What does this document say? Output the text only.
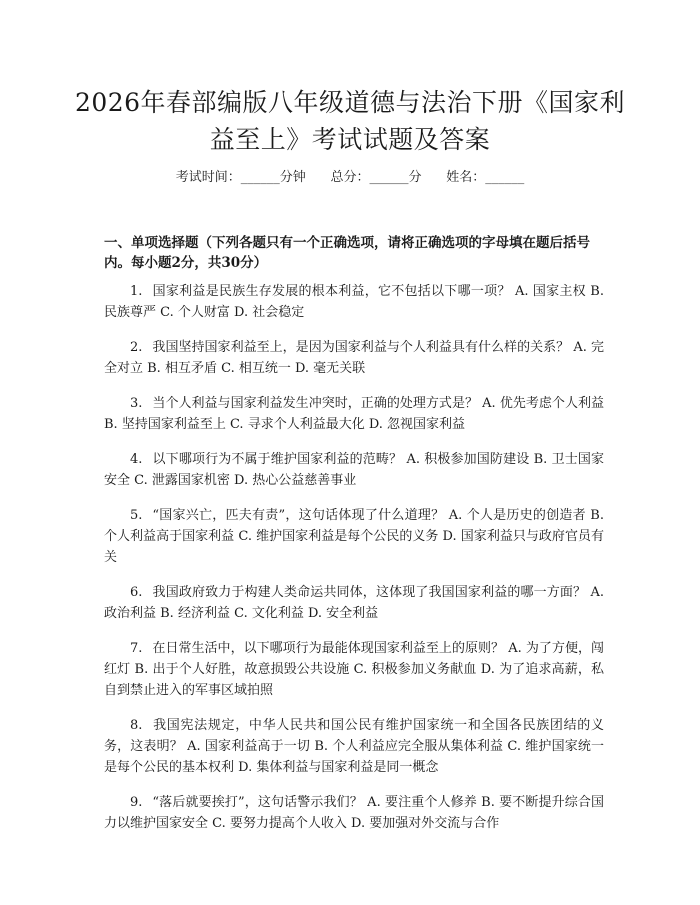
2026年春部编版八年级道德与法治下册《国家利益至上》考试试题及答案
考试时间：______分钟      总分：______分      姓名：______
一、单项选择题（下列各题只有一个正确选项，请将正确选项的字母填在题后括号内。每小题2分，共30分）

1. 国家利益是民族生存发展的根本利益，它不包括以下哪一项？ A. 国家主权 B. 民族尊严 C. 个人财富 D. 社会稳定

2. 我国坚持国家利益至上，是因为国家利益与个人利益具有什么样的关系？ A. 完全对立 B. 相互矛盾 C. 相互统一 D. 毫无关联

3. 当个人利益与国家利益发生冲突时，正确的处理方式是？ A. 优先考虑个人利益 B. 坚持国家利益至上 C. 寻求个人利益最大化 D. 忽视国家利益

4. 以下哪项行为不属于维护国家利益的范畴？ A. 积极参加国防建设 B. 卫士国家安全 C. 泄露国家机密 D. 热心公益慈善事业

5. “国家兴亡，匹夫有责”，这句话体现了什么道理？ A. 个人是历史的创造者 B. 个人利益高于国家利益 C. 维护国家利益是每个公民的义务 D. 国家利益只与政府官员有关

6. 我国政府致力于构建人类命运共同体，这体现了我国国家利益的哪一方面？ A. 政治利益 B. 经济利益 C. 文化利益 D. 安全利益

7. 在日常生活中，以下哪项行为最能体现国家利益至上的原则？ A. 为了方便，闯红灯 B. 出于个人好胜，故意损毁公共设施 C. 积极参加义务献血 D. 为了追求高薪，私自到禁止进入的军事区域拍照

8. 我国宪法规定，中华人民共和国公民有维护国家统一和全国各民族团结的义务，这表明？ A. 国家利益高于一切 B. 个人利益应完全服从集体利益 C. 维护国家统一是每个公民的基本权利 D. 集体利益与国家利益是同一概念

9. “落后就要挨打”，这句话警示我们？ A. 要注重个人修养 B. 要不断提升综合国力以维护国家安全 C. 要努力提高个人收入 D. 要加强对外交流与合作
